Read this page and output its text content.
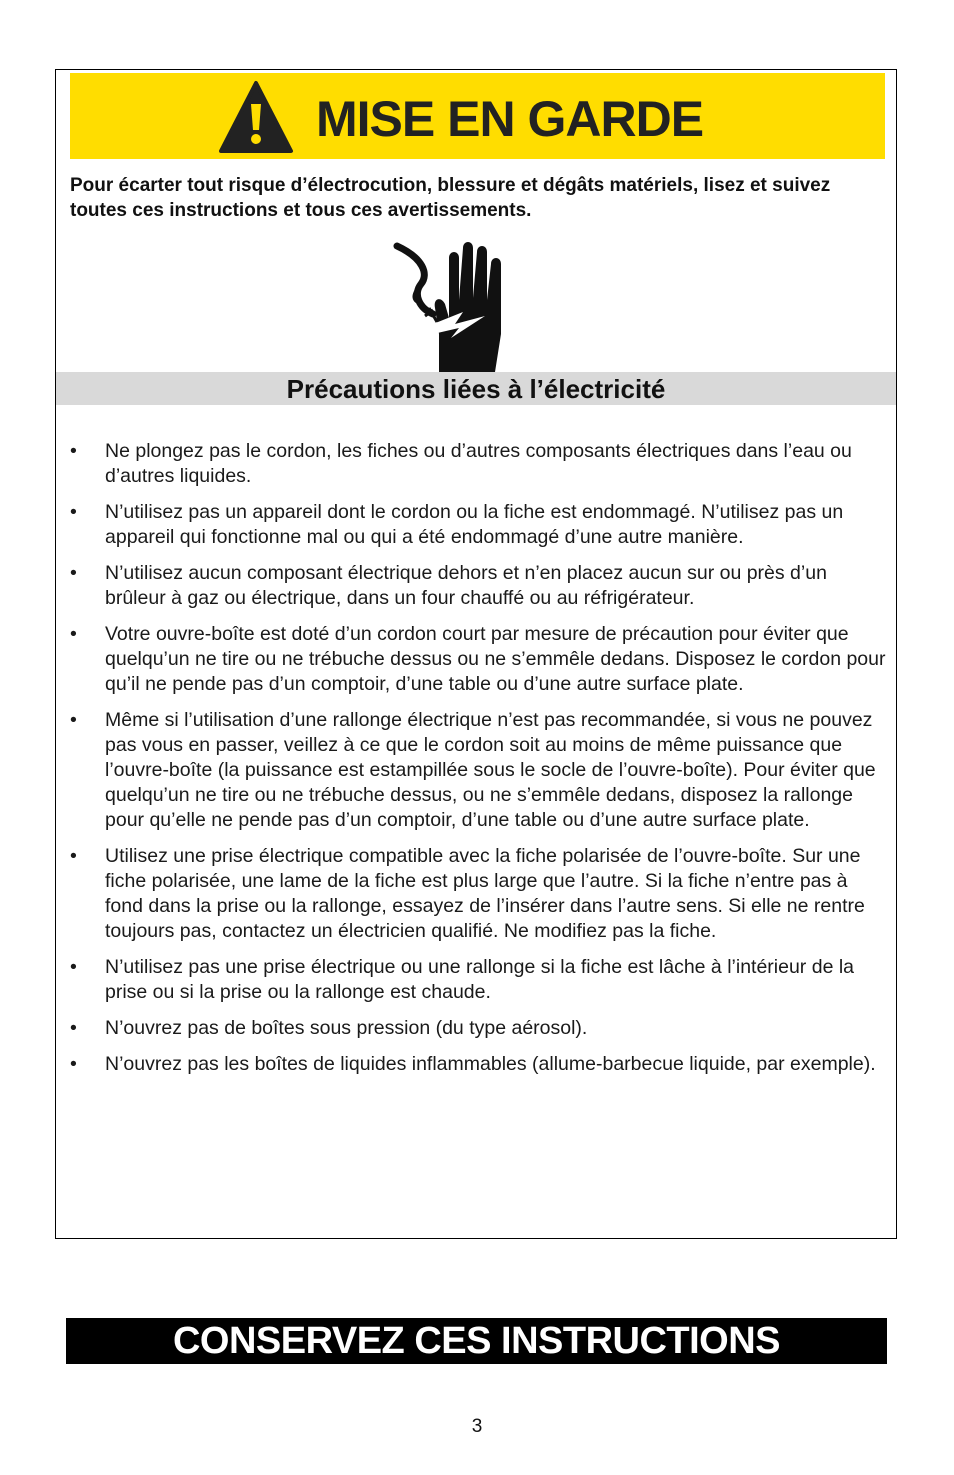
MISE EN GARDE
Pour écarter tout risque d’électrocution, blessure et dégâts matériels, lisez et suivez toutes ces instructions et tous ces avertissements.
Précautions liées à l’électricité
• Ne plongez pas le cordon, les fiches ou d’autres composants électriques dans l’eau ou d’autres liquides.
• N’utilisez pas un appareil dont le cordon ou la fiche est endommagé. N’utilisez pas un appareil qui fonctionne mal ou qui a été endommagé d’une autre manière.
• N’utilisez aucun composant électrique dehors et n’en placez aucun sur ou près d’un brûleur à gaz ou électrique, dans un four chauffé ou au réfrigérateur.
• Votre ouvre-boîte est doté d’un cordon court par mesure de précaution pour éviter que quelqu’un ne tire ou ne trébuche dessus ou ne s’emmêle dedans. Disposez le cordon pour qu’il ne pende pas d’un comptoir, d’une table ou d’une autre surface plate.
• Même si l’utilisation d’une rallonge électrique n’est pas recommandée, si vous ne pouvez pas vous en passer, veillez à ce que le cordon soit au moins de même puissance que l’ouvre-boîte (la puissance est estampillée sous le socle de l’ouvre-boîte). Pour éviter que quelqu’un ne tire ou ne trébuche dessus, ou ne s’emmêle dedans, disposez la rallonge pour qu’elle ne pende pas d’un comptoir, d’une table ou d’une autre surface plate.
• Utilisez une prise électrique compatible avec la fiche polarisée de l’ouvre-boîte. Sur une fiche polarisée, une lame de la fiche est plus large que l’autre. Si la fiche n’entre pas à fond dans la prise ou la rallonge, essayez de l’insérer dans l’autre sens. Si elle ne rentre toujours pas, contactez un électricien qualifié. Ne modifiez pas la fiche.
• N’utilisez pas une prise électrique ou une rallonge si la fiche est lâche à l’intérieur de la prise ou si la prise ou la rallonge est chaude.
• N’ouvrez pas de boîtes sous pression (du type aérosol).
• N’ouvrez pas les boîtes de liquides inflammables (allume-barbecue liquide, par exemple).
CONSERVEZ CES INSTRUCTIONS
3
